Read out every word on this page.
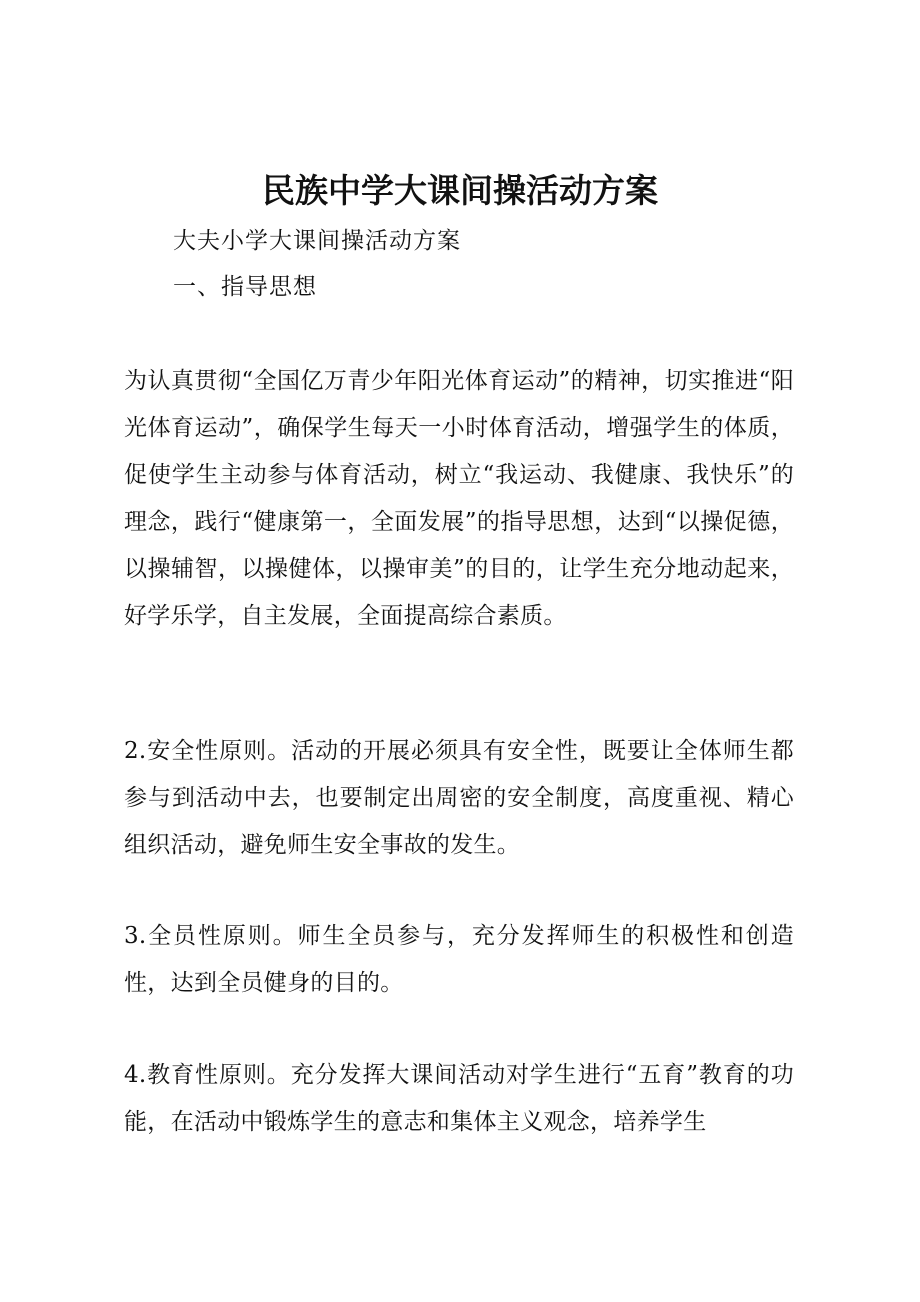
民族中学大课间操活动方案

大夫小学大课间操活动方案

一、指导思想

为认真贯彻“全国亿万青少年阳光体育运动”的精神，切实推进“阳光体育运动”，确保学生每天一小时体育活动，增强学生的体质，促使学生主动参与体育活动，树立“我运动、我健康、我快乐”的理念，践行“健康第一，全面发展”的指导思想，达到“以操促德，以操辅智，以操健体，以操审美”的目的，让学生充分地动起来，好学乐学，自主发展，全面提高综合素质。

2.安全性原则。活动的开展必须具有安全性，既要让全体师生都参与到活动中去，也要制定出周密的安全制度，高度重视、精心组织活动，避免师生安全事故的发生。

3.全员性原则。师生全员参与，充分发挥师生的积极性和创造性，达到全员健身的目的。

4.教育性原则。充分发挥大课间活动对学生进行“五育”教育的功能，在活动中锻炼学生的意志和集体主义观念，培养学生
